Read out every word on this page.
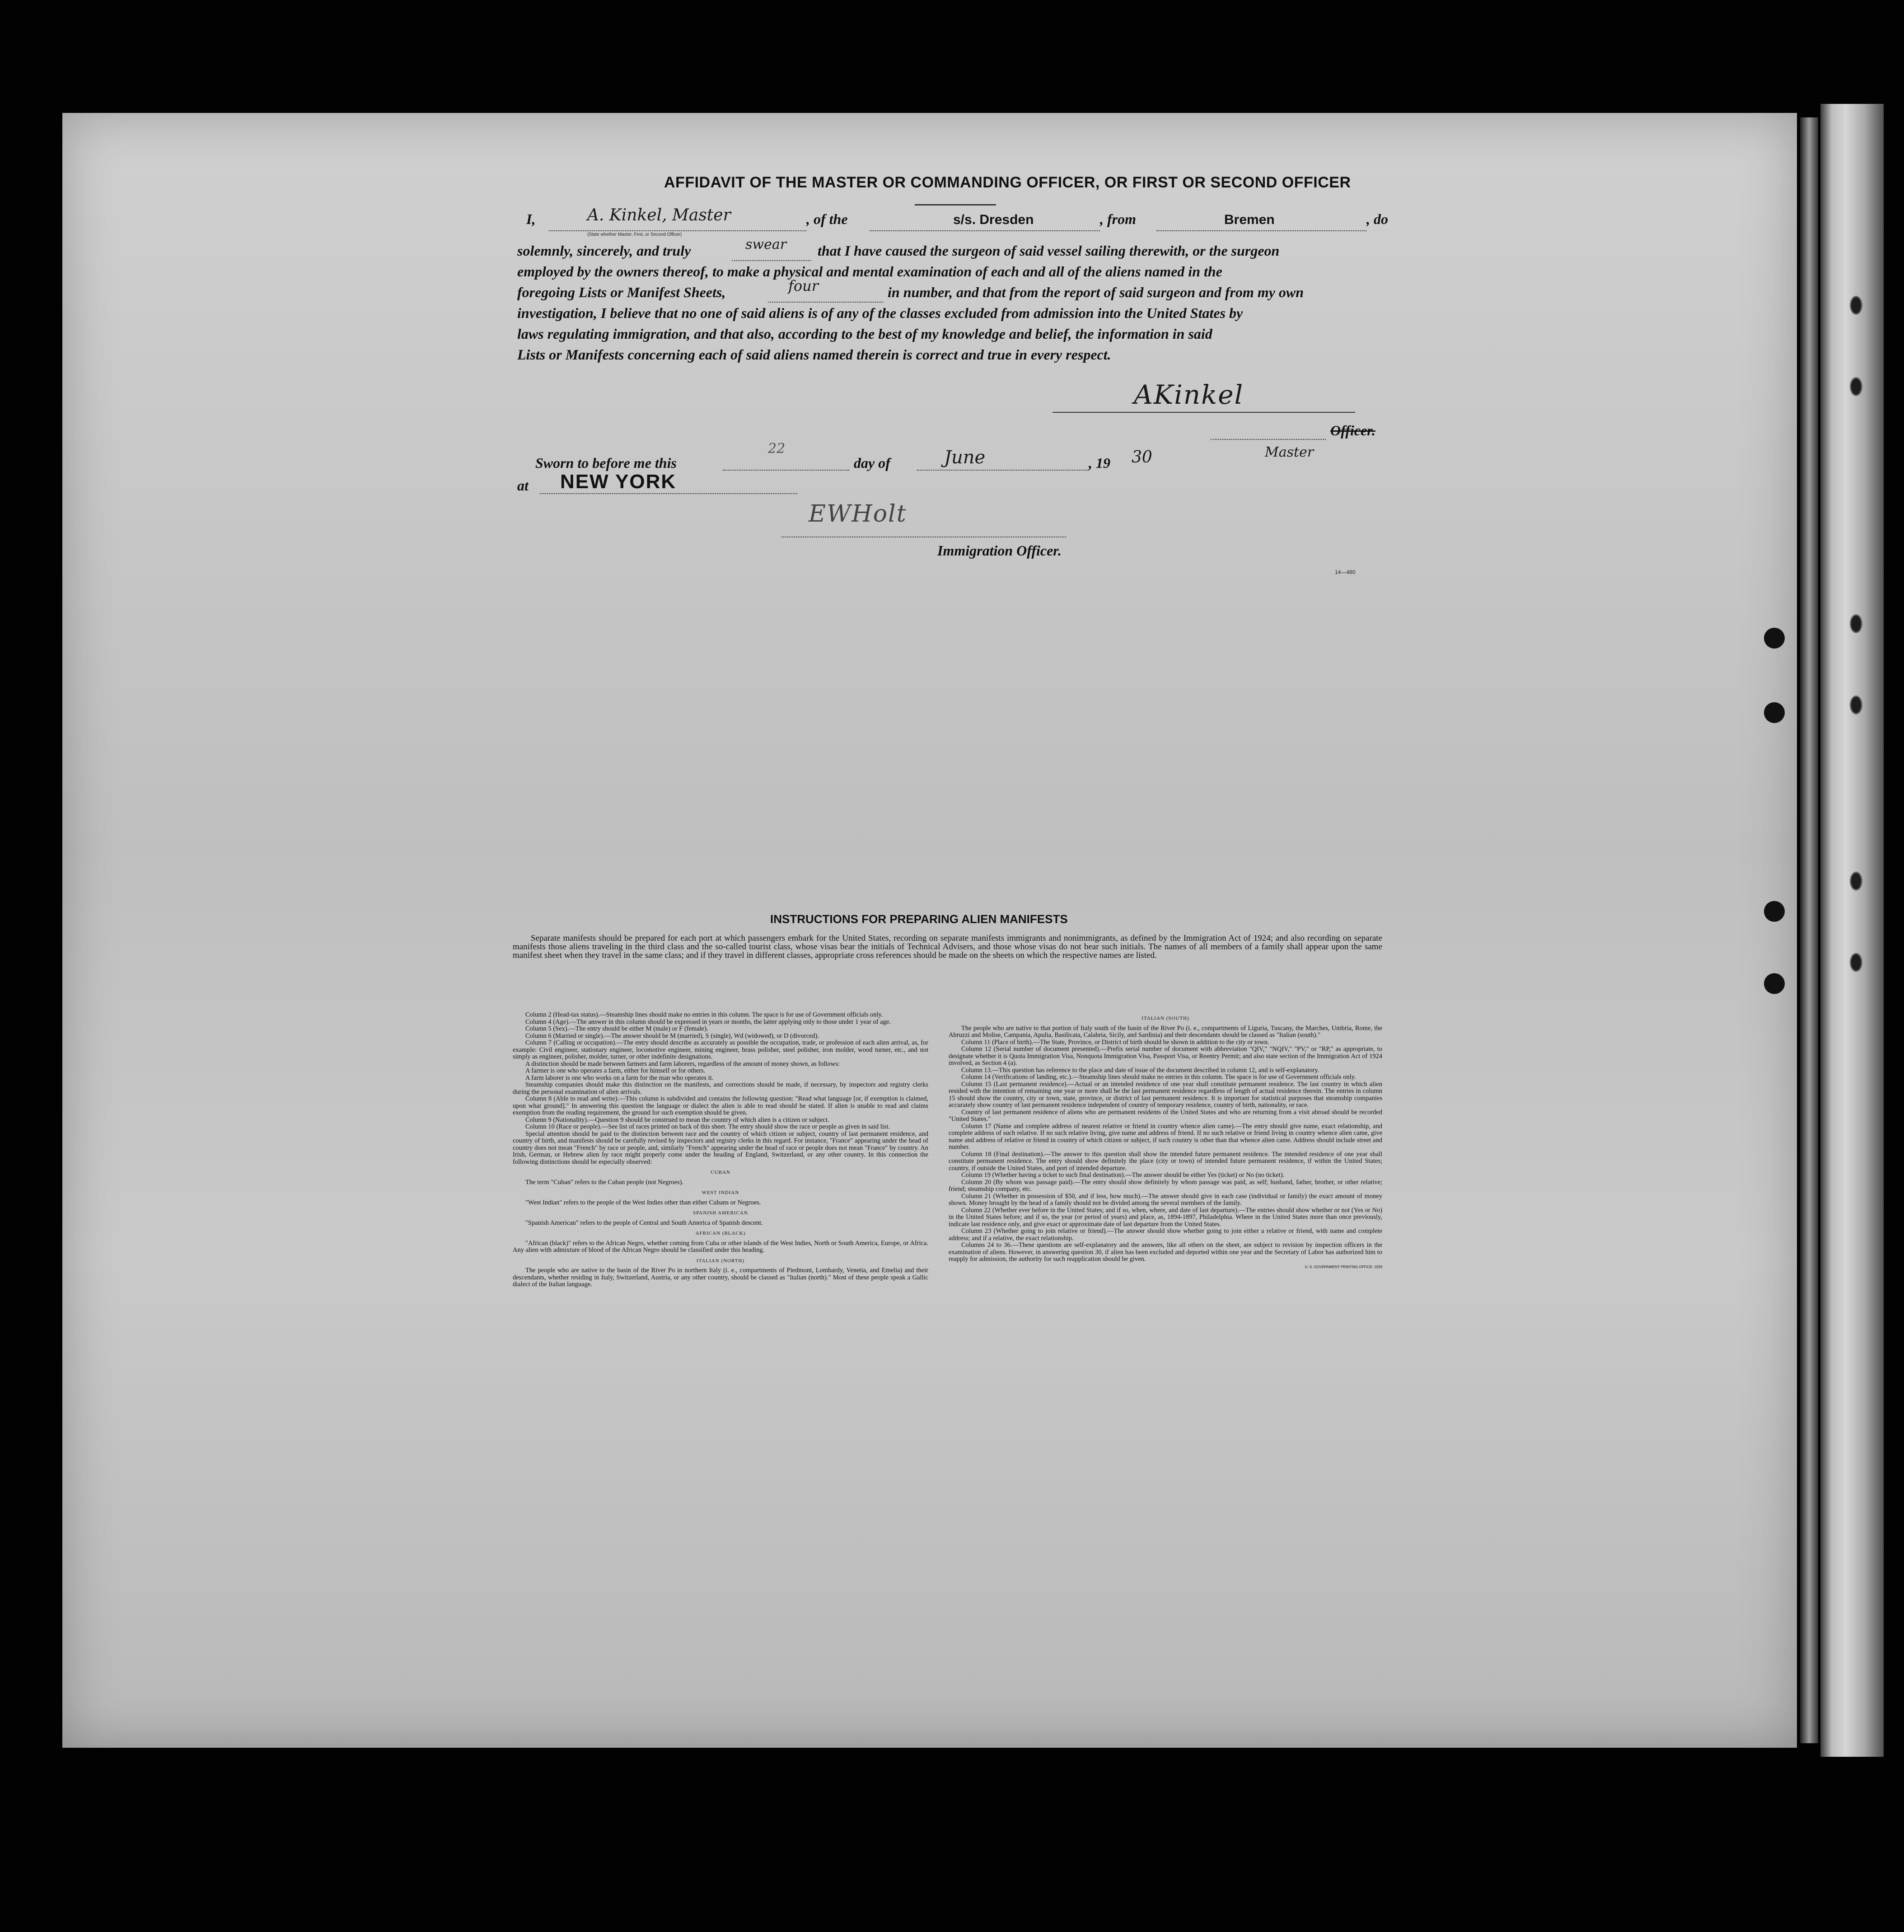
AFFIDAVIT OF THE MASTER OR COMMANDING OFFICER, OR FIRST OR SECOND OFFICER
I,	A. Kinkel, Master
(State whether Master, First, or Second Officer)
, of the	s/s. Dresden	, from	Bremen	, do
solemnly, sincerely, and truly	swear that I have caused the surgeon of said vessel sailing therewith, or the surgeon
employed by the owners thereof, to make a physical and mental examination of each and all of the aliens named in the
foregoing Lists or Manifest Sheets,	four	in number, and that from the report of said surgeon and from my own
investigation, I believe that no one of said aliens is of any of the classes excluded from admission into the United States by
laws regulating immigration, and that also, according to the best of my knowledge and belief, the information in said
Lists or Manifests concerning each of said aliens named therein is correct and true in every respect.
AKinkel
Officer.
Sworn to before me this
22
day of	June	, 19 30	Master
at NEW YORK
EWHolt
Immigration Officer.
14—480
INSTRUCTIONS FOR PREPARING ALIEN MANIFESTS
Separate manifests should be prepared for each port at which passengers embark for the United States, recording on separate manifests immigrants and nonimmigrants, as defined by the Immigration Act of 1924; and also recording on separate manifests those aliens traveling in the third class and the so-called tourist class, whose visas bear the initials of Technical Advisers, and those whose visas do not bear such initials. The names of all members of a family shall appear upon the same manifest sheet when they travel in the same class; and if they travel in different classes, appropriate cross references should be made on the sheets on which the respective names are listed.

Column 2 (Head-tax status).—Steamship lines should make no entries in this column. The space is for use of Government officials only.

Column 4 (Age).—The answer in this column should be expressed in years or months, the latter applying only to those under 1 year of age.

Column 5 (Sex).—The entry should be either M (male) or F (female).

Column 6 (Married or single).—The answer should be M (married), S (single), Wd (widowed), or D (divorced).

Column 7 (Calling or occupation).—The entry should describe as accurately as possible the occupation, trade, or profession of each alien arrival, as, for example: Civil engineer, stationary engineer, locomotive engineer, mining engineer, brass polisher, steel polisher, iron molder, wood turner, etc., and not simply as engineer, polisher, molder, turner, or other indefinite designations.

A distinction should be made between farmers and farm laborers, regardless of the amount of money shown, as follows:

A farmer is one who operates a farm, either for himself or for others.

A farm laborer is one who works on a farm for the man who operates it.

Steamship companies should make this distinction on the manifests, and corrections should be made, if necessary, by inspectors and registry clerks during the personal examination of alien arrivals.

Column 8 (Able to read and write).—This column is subdivided and contains the following question: "Read what language [or, if exemption is claimed, upon what ground]." In answering this question the language or dialect the alien is able to read should be stated. If alien is unable to read and claims exemption from the reading requirement, the ground for such exemption should be given.

Column 9 (Nationality).—Question 9 should be construed to mean the country of which alien is a citizen or subject.

Column 10 (Race or people).—See list of races printed on back of this sheet. The entry should show the race or people as given in said list.

Special attention should be paid to the distinction between race and the country of which citizen or subject, country of last permanent residence, and country of birth, and manifests should be carefully revised by inspectors and registry clerks in this regard. For instance, "France" appearing under the head of country does not mean "French" by race or people, and, similarly "French" appearing under the head of race or people does not mean "France" by country. An Irish, German, or Hebrew alien by race might properly come under the heading of England, Switzerland, or any other country. In this connection the following distinctions should be especially observed:

CUBAN

The term "Cuban" refers to the Cuban people (not Negroes).

WEST INDIAN

"West Indian" refers to the people of the West Indies other than either Cubans or Negroes.

SPANISH AMERICAN

"Spanish American" refers to the people of Central and South America of Spanish descent.

AFRICAN (BLACK)

"African (black)" refers to the African Negro, whether coming from Cuba or other islands of the West Indies, North or South America, Europe, or Africa. Any alien with admixture of blood of the African Negro should be classified under this heading.

ITALIAN (NORTH)

The people who are native to the basin of the River Po in northern Italy (i. e., compartments of Piedmont, Lombardy, Venetia, and Emelia) and their descendants, whether residing in Italy, Switzerland, Austria, or any other country, should be classed as "Italian (north)." Most of these people speak a Gallic dialect of the Italian language.

ITALIAN (SOUTH)

The people who are native to that portion of Italy south of the basin of the River Po (i. e., compartments of Liguria, Tuscany, the Marches, Umbria, Rome, the Abruzzi and Molise, Campania, Apulia, Basilicata, Calabria, Sicily, and Sardinia) and their descendants should be classed as "Italian (south)."

Column 11 (Place of birth).—The State, Province, or District of birth should be shown in addition to the city or town.

Column 12 (Serial number of document presented).—Prefix serial number of document with abbreviation "QIV," "NQIV," "PV," or "RP," as appropriate, to designate whether it is Quota Immigration Visa, Nonquota Immigration Visa, Passport Visa, or Reentry Permit; and also state section of the Immigration Act of 1924 involved, as Section 4 (a).

Column 13.—This question has reference to the place and date of issue of the document described in column 12, and is self-explanatory.

Column 14 (Verifications of landing, etc.).—Steamship lines should make no entries in this column. The space is for use of Government officials only.

Column 15 (Last permanent residence).—Actual or an intended residence of one year shall constitute permanent residence. The last country in which alien resided with the intention of remaining one year or more shall be the last permanent residence regardless of length of actual residence therein. The entries in column 15 should show the country, city or town, state, province, or district of last permanent residence. It is important for statistical purposes that steamship companies accurately show country of last permanent residence independent of country of temporary residence, country of birth, nationality, or race.

Country of last permanent residence of aliens who are permanent residents of the United States and who are returning from a visit abroad should be recorded "United States."

Column 17 (Name and complete address of nearest relative or friend in country whence alien came).—The entry should give name, exact relationship, and complete address of such relative. If no such relative living, give name and address of friend. If no such relative or friend living in country whence alien came, give name and address of relative or friend in country of which citizen or subject, if such country is other than that whence alien came. Address should include street and number.

Column 18 (Final destination).—The answer to this question shall show the intended future permanent residence. The intended residence of one year shall constitute permanent residence. The entry should show definitely the place (city or town) of intended future permanent residence, if within the United States; country, if outside the United States, and port of intended departure.

Column 19 (Whether having a ticket to such final destination).—The answer should be either Yes (ticket) or No (no ticket).

Column 20 (By whom was passage paid).—The entry should show definitely by whom passage was paid, as self; husband, father, brother, or other relative; friend; steamship company, etc.

Column 21 (Whether in possession of $50, and if less, how much).—The answer should give in each case (individual or family) the exact amount of money shown. Money brought by the head of a family should not be divided among the several members of the family.

Column 22 (Whether ever before in the United States; and if so, when, where, and date of last departure).—The entries should show whether or not (Yes or No) in the United States before; and if so, the year (or period of years) and place, as, 1894-1897, Philadelphia. Where in the United States more than once previously, indicate last residence only, and give exact or approximate date of last departure from the United States.

Column 23 (Whether going to join relative or friend).—The answer should show whether going to join either a relative or friend, with name and complete address; and if a relative, the exact relationship.

Columns 24 to 36.—These questions are self-explanatory and the answers, like all others on the sheet, are subject to revision by inspection officers in the examination of aliens. However, in answering question 30, if alien has been excluded and deported within one year and the Secretary of Labor has authorized him to reapply for admission, the authority for such reapplication should be given.

U. S. GOVERNMENT PRINTING OFFICE: 1929
